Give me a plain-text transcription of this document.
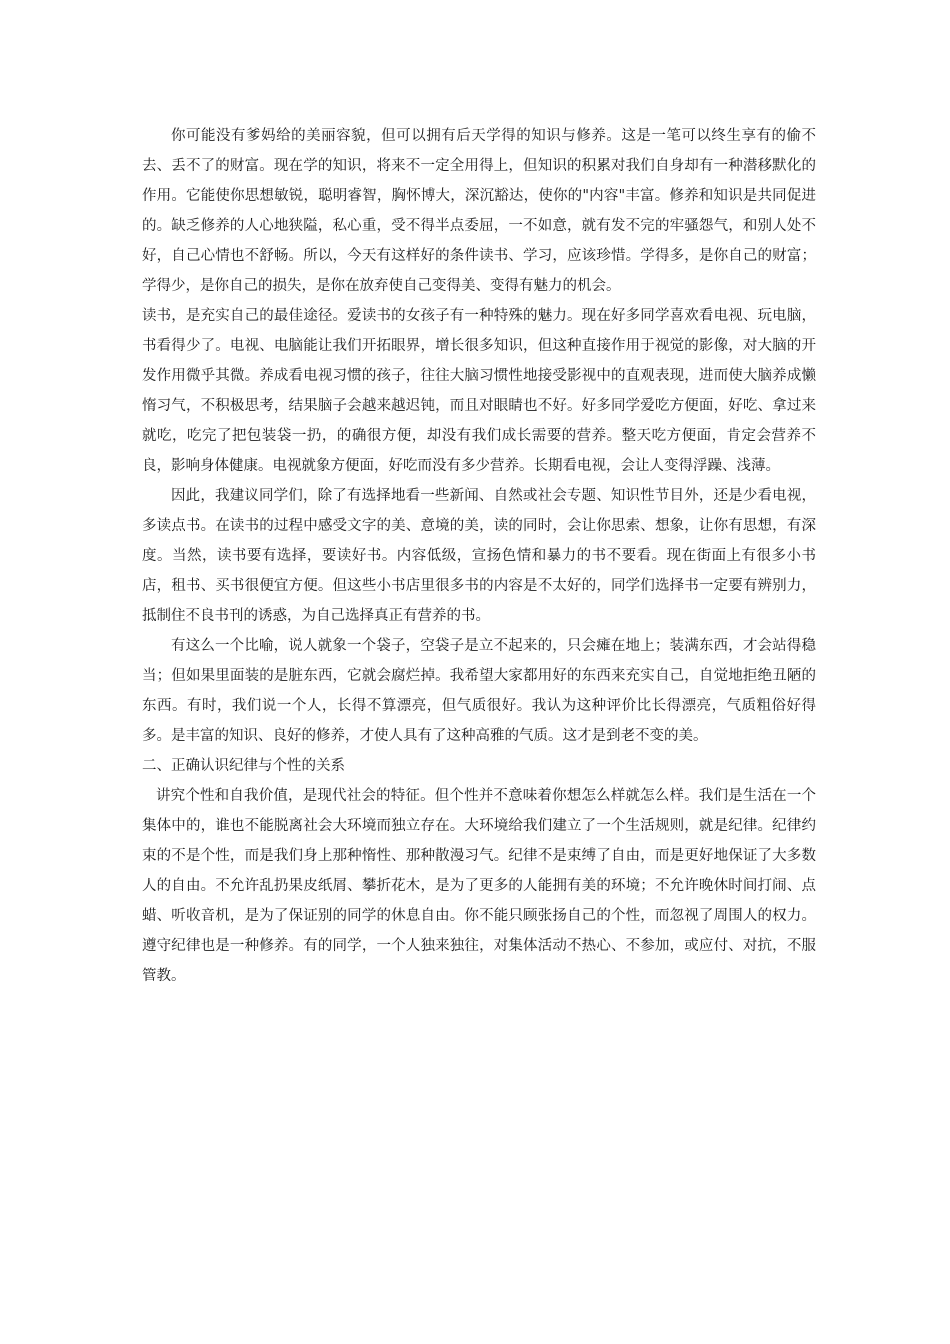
你可能没有爹妈给的美丽容貌，但可以拥有后天学得的知识与修养。这是一笔可以终生享有的偷不去、丢不了的财富。现在学的知识，将来不一定全用得上，但知识的积累对我们自身却有一种潜移默化的作用。它能使你思想敏锐，聪明睿智，胸怀博大，深沉豁达，使你的"内容"丰富。修养和知识是共同促进的。缺乏修养的人心地狭隘，私心重，受不得半点委屈，一不如意，就有发不完的牢骚怨气，和别人处不好，自己心情也不舒畅。所以，今天有这样好的条件读书、学习，应该珍惜。学得多，是你自己的财富；学得少，是你自己的损失，是你在放弃使自己变得美、变得有魅力的机会。

读书，是充实自己的最佳途径。爱读书的女孩子有一种特殊的魅力。现在好多同学喜欢看电视、玩电脑，书看得少了。电视、电脑能让我们开拓眼界，增长很多知识，但这种直接作用于视觉的影像，对大脑的开发作用微乎其微。养成看电视习惯的孩子，往往大脑习惯性地接受影视中的直观表现，进而使大脑养成懒惰习气，不积极思考，结果脑子会越来越迟钝，而且对眼睛也不好。好多同学爱吃方便面，好吃、拿过来就吃，吃完了把包装袋一扔，的确很方便，却没有我们成长需要的营养。整天吃方便面，肯定会营养不良，影响身体健康。电视就象方便面，好吃而没有多少营养。长期看电视，会让人变得浮躁、浅薄。

因此，我建议同学们，除了有选择地看一些新闻、自然或社会专题、知识性节目外，还是少看电视，多读点书。在读书的过程中感受文字的美、意境的美，读的同时，会让你思索、想象，让你有思想，有深度。当然，读书要有选择，要读好书。内容低级，宣扬色情和暴力的书不要看。现在街面上有很多小书店，租书、买书很便宜方便。但这些小书店里很多书的内容是不太好的，同学们选择书一定要有辨别力，抵制住不良书刊的诱惑，为自己选择真正有营养的书。

有这么一个比喻，说人就象一个袋子，空袋子是立不起来的，只会瘫在地上；装满东西，才会站得稳当；但如果里面装的是脏东西，它就会腐烂掉。我希望大家都用好的东西来充实自己，自觉地拒绝丑陋的东西。有时，我们说一个人，长得不算漂亮，但气质很好。我认为这种评价比长得漂亮，气质粗俗好得多。是丰富的知识、良好的修养，才使人具有了这种高雅的气质。这才是到老不变的美。

二、正确认识纪律与个性的关系

讲究个性和自我价值，是现代社会的特征。但个性并不意味着你想怎么样就怎么样。我们是生活在一个集体中的，谁也不能脱离社会大环境而独立存在。大环境给我们建立了一个生活规则，就是纪律。纪律约束的不是个性，而是我们身上那种惰性、那种散漫习气。纪律不是束缚了自由，而是更好地保证了大多数人的自由。不允许乱扔果皮纸屑、攀折花木，是为了更多的人能拥有美的环境；不允许晚休时间打闹、点蜡、听收音机，是为了保证别的同学的休息自由。你不能只顾张扬自己的个性，而忽视了周围人的权力。遵守纪律也是一种修养。有的同学，一个人独来独往，对集体活动不热心、不参加，或应付、对抗，不服管教。
